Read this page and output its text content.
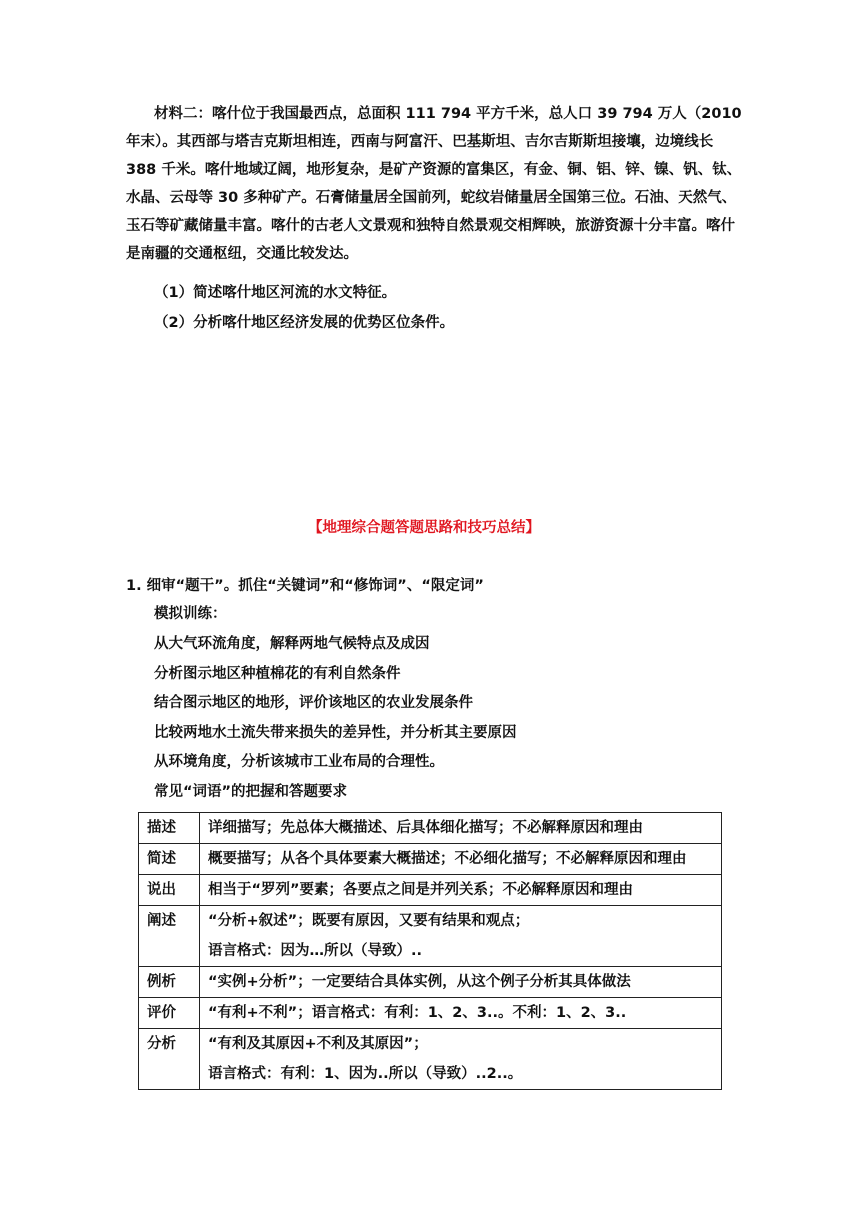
材料二：喀什位于我国最西点，总面积 111 794 平方千米，总人口 39 794 万人（2010 年末）。其西部与塔吉克斯坦相连，西南与阿富汗、巴基斯坦、吉尔吉斯斯坦接壤，边境线长 388 千米。喀什地域辽阔，地形复杂，是矿产资源的富集区，有金、铜、铝、锌、镍、钒、钛、水晶、云母等 30 多种矿产。石膏储量居全国前列，蛇纹岩储量居全国第三位。石油、天然气、玉石等矿藏储量丰富。喀什的古老人文景观和独特自然景观交相辉映，旅游资源十分丰富。喀什是南疆的交通枢纽，交通比较发达。

（1）简述喀什地区河流的水文特征。

（2）分析喀什地区经济发展的优势区位条件。

【地理综合题答题思路和技巧总结】

1. 细审“题干”。抓住“关键词”和“修饰词”、“限定词”

模拟训练：

从大气环流角度，解释两地气候特点及成因

分析图示地区种植棉花的有利自然条件

结合图示地区的地形，评价该地区的农业发展条件

比较两地水土流失带来损失的差异性，并分析其主要原因

从环境角度，分析该城市工业布局的合理性。

常见“词语”的把握和答题要求

描述	详细描写；先总体大概描述、后具体细化描写；不必解释原因和理由

简述	概要描写；从各个具体要素大概描述；不必细化描写；不必解释原因和理由

说出	相当于“罗列”要素；各要点之间是并列关系；不必解释原因和理由

阐述	“分析+叙述”；既要有原因，又要有结果和观点；
语言格式：因为…所以（导致）..

例析	“实例+分析”；一定要结合具体实例，从这个例子分析其具体做法

评价	“有利+不利”；语言格式：有利：1、2、3..。不利：1、2、3..

分析	“有利及其原因+不利及其原因”；
语言格式：有利：1、因为..所以（导致）..2..。
